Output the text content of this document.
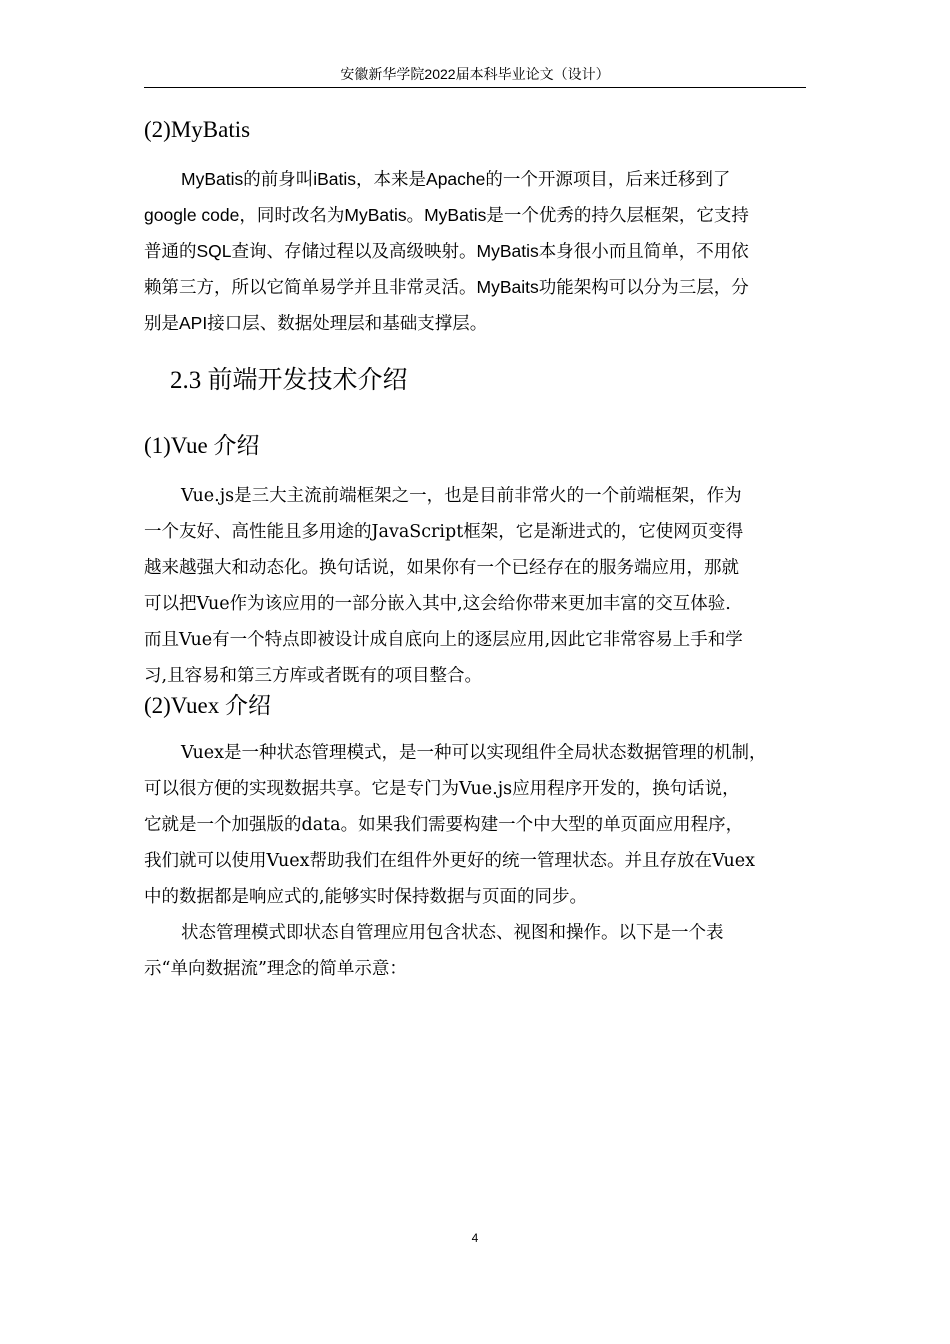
安徽新华学院2022届本科毕业论文（设计）
(2)MyBatis
MyBatis的前身叫iBatis，本来是Apache的一个开源项目，后来迁移到了
google code，同时改名为MyBatis。MyBatis是一个优秀的持久层框架，它支持
普通的SQL查询、存储过程以及高级映射。MyBatis本身很小而且简单，不用依
赖第三方，所以它简单易学并且非常灵活。MyBaits功能架构可以分为三层，分
别是API接口层、数据处理层和基础支撑层。
2.3 前端开发技术介绍
(1)Vue 介绍
Vue.js是三大主流前端框架之一，也是目前非常火的一个前端框架，作为
一个友好、高性能且多用途的JavaScript框架，它是渐进式的，它使网页变得
越来越强大和动态化。换句话说，如果你有一个已经存在的服务端应用，那就
可以把Vue作为该应用的一部分嵌入其中,这会给你带来更加丰富的交互体验.
而且Vue有一个特点即被设计成自底向上的逐层应用,因此它非常容易上手和学
习,且容易和第三方库或者既有的项目整合。
(2)Vuex 介绍
Vuex是一种状态管理模式，是一种可以实现组件全局状态数据管理的机制，
可以很方便的实现数据共享。它是专门为Vue.js应用程序开发的，换句话说，
它就是一个加强版的data。如果我们需要构建一个中大型的单页面应用程序，
我们就可以使用Vuex帮助我们在组件外更好的统一管理状态。并且存放在Vuex
中的数据都是响应式的,能够实时保持数据与页面的同步。
状态管理模式即状态自管理应用包含状态、视图和操作。以下是一个表
示“单向数据流”理念的简单示意：
4
